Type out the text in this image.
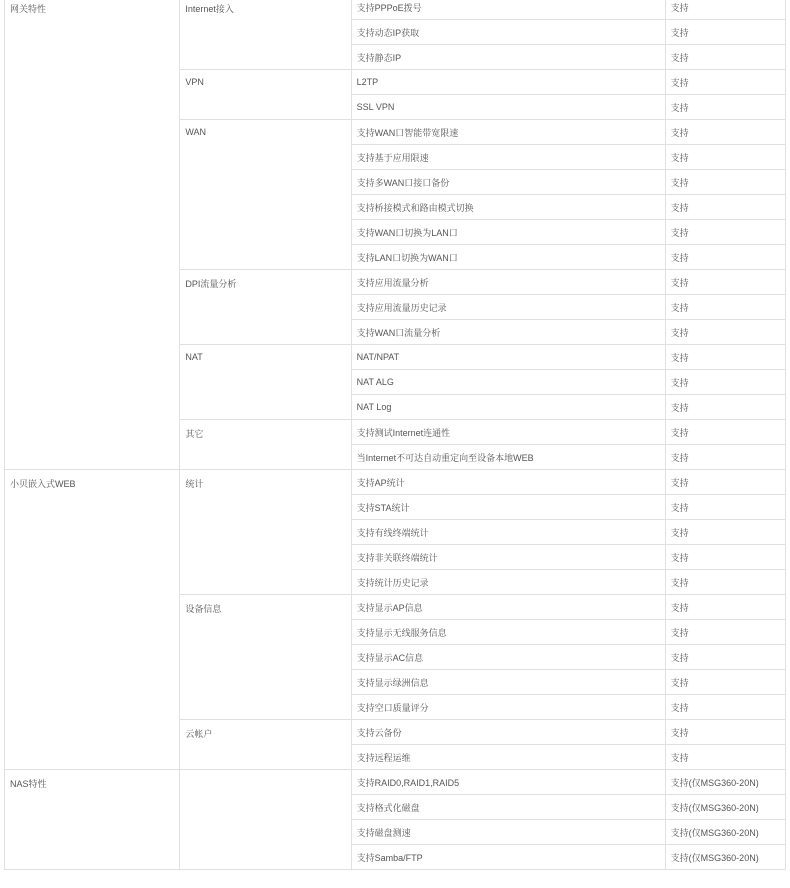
网关特性	Internet接入	支持PPPoE拨号	支持
		支持动态IP获取	支持
		支持静态IP	支持
	VPN	L2TP	支持
		SSL VPN	支持
	WAN	支持WAN口智能带宽限速	支持
		支持基于应用限速	支持
		支持多WAN口接口备份	支持
		支持桥接模式和路由模式切换	支持
		支持WAN口切换为LAN口	支持
		支持LAN口切换为WAN口	支持
	DPI流量分析	支持应用流量分析	支持
		支持应用流量历史记录	支持
		支持WAN口流量分析	支持
	NAT	NAT/NPAT	支持
		NAT ALG	支持
		NAT Log	支持
	其它	支持测试Internet连通性	支持
		当Internet不可达自动重定向至设备本地WEB	支持
小贝嵌入式WEB	统计	支持AP统计	支持
		支持STA统计	支持
		支持有线终端统计	支持
		支持非关联终端统计	支持
		支持统计历史记录	支持
	设备信息	支持显示AP信息	支持
		支持显示无线服务信息	支持
		支持显示AC信息	支持
		支持显示绿洲信息	支持
		支持空口质量评分	支持
	云帐户	支持云备份	支持
		支持远程运维	支持
NAS特性		支持RAID0,RAID1,RAID5	支持(仅MSG360-20N)
		支持格式化磁盘	支持(仅MSG360-20N)
		支持磁盘测速	支持(仅MSG360-20N)
		支持Samba/FTP	支持(仅MSG360-20N)
